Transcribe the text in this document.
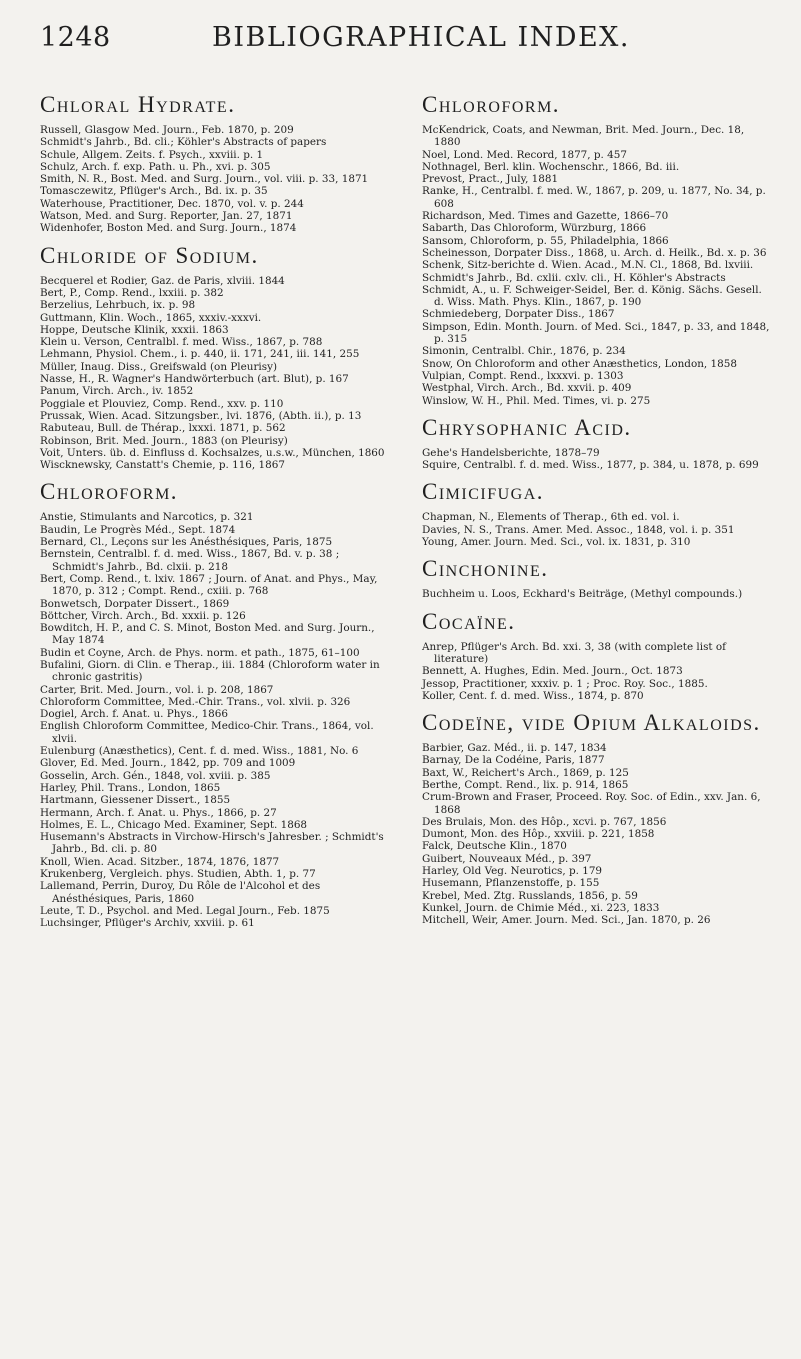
1248	BIBLIOGRAPHICAL INDEX.
Chloral Hydrate.
Russell, Glasgow Med. Journ., Feb. 1870, p. 209
Schmidt's Jahrb., Bd. cli.; Köhler's Abstracts of papers
Schule, Allgem. Zeits. f. Psych., xxviii. p. 1
Schulz, Arch. f. exp. Path. u. Ph., xvi. p. 305
Smith, N. R., Bost. Med. and Surg. Journ., vol. viii. p. 33, 1871
Tomasczewitz, Pflüger's Arch., Bd. ix. p. 35
Waterhouse, Practitioner, Dec. 1870, vol. v. p. 244
Watson, Med. and Surg. Reporter, Jan. 27, 1871
Widenhofer, Boston Med. and Surg. Journ., 1874
Chloride of Sodium.
Becquerel et Rodier, Gaz. de Paris, xlviii. 1844
Bert, P., Comp. Rend., lxxiii. p. 382
Berzelius, Lehrbuch, ix. p. 98
Guttmann, Klin. Woch., 1865, xxxiv.-xxxvi.
Hoppe, Deutsche Klinik, xxxii. 1863
Klein u. Verson, Centralbl. f. med. Wiss., 1867, p. 788
Lehmann, Physiol. Chem., i. p. 440, ii. 171, 241, iii. 141, 255
Müller, Inaug. Diss., Greifswald (on Pleurisy)
Nasse, H., R. Wagner's Handwörterbuch (art. Blut), p. 167
Panum, Virch. Arch., iv. 1852
Poggiale et Plouviez, Comp. Rend., xxv. p. 110
Prussak, Wien. Acad. Sitzungsber., lvi. 1876, (Abth. ii.), p. 13
Rabuteau, Bull. de Thérap., lxxxi. 1871, p. 562
Robinson, Brit. Med. Journ., 1883 (on Pleurisy)
Voit, Unters. üb. d. Einfluss d. Kochsalzes, u.s.w., München, 1860
Wiscknewsky, Canstatt's Chemie, p. 116, 1867
Chloroform.
Anstie, Stimulants and Narcotics, p. 321
Baudin, Le Progrès Méd., Sept. 1874
Bernard, Cl., Leçons sur les Anésthésiques, Paris, 1875
Bernstein, Centralbl. f. d. med. Wiss., 1867, Bd. v. p. 38 ; Schmidt's Jahrb., Bd. clxii. p. 218
Bert, Comp. Rend., t. lxiv. 1867 ; Journ. of Anat. and Phys., May, 1870, p. 312 ; Compt. Rend., cxiii. p. 768
Bonwetsch, Dorpater Dissert., 1869
Böttcher, Virch. Arch., Bd. xxxii. p. 126
Bowditch, H. P., and C. S. Minot, Boston Med. and Surg. Journ., May 1874
Budin et Coyne, Arch. de Phys. norm. et path., 1875, 61–100
Bufalini, Giorn. di Clin. e Therap., iii. 1884 (Chloroform water in chronic gastritis)
Carter, Brit. Med. Journ., vol. i. p. 208, 1867
Chloroform Committee, Med.-Chir. Trans., vol. xlvii. p. 326
Dogiel, Arch. f. Anat. u. Phys., 1866
English Chloroform Committee, Medico-Chir. Trans., 1864, vol. xlvii.
Eulenburg (Anæsthetics), Cent. f. d. med. Wiss., 1881, No. 6
Glover, Ed. Med. Journ., 1842, pp. 709 and 1009
Gosselin, Arch. Gén., 1848, vol. xviii. p. 385
Harley, Phil. Trans., London, 1865
Hartmann, Giessener Dissert., 1855
Hermann, Arch. f. Anat. u. Phys., 1866, p. 27
Holmes, E. L., Chicago Med. Examiner, Sept. 1868
Husemann's Abstracts in Virchow-Hirsch's Jahresber. ; Schmidt's Jahrb., Bd. cli. p. 80
Knoll, Wien. Acad. Sitzber., 1874, 1876, 1877
Krukenberg, Vergleich. phys. Studien, Abth. 1, p. 77
Lallemand, Perrin, Duroy, Du Rôle de l'Alcohol et des Anésthésiques, Paris, 1860
Leute, T. D., Psychol. and Med. Legal Journ., Feb. 1875
Luchsinger, Pflüger's Archiv, xxviii. p. 61
Chloroform.
McKendrick, Coats, and Newman, Brit. Med. Journ., Dec. 18, 1880
Noel, Lond. Med. Record, 1877, p. 457
Nothnagel, Berl. klin. Wochenschr., 1866, Bd. iii.
Prevost, Pract., July, 1881
Ranke, H., Centralbl. f. med. W., 1867, p. 209, u. 1877, No. 34, p. 608
Richardson, Med. Times and Gazette, 1866–70
Sabarth, Das Chloroform, Würzburg, 1866
Sansom, Chloroform, p. 55, Philadelphia, 1866
Scheinesson, Dorpater Diss., 1868, u. Arch. d. Heilk., Bd. x. p. 36
Schenk, Sitz-berichte d. Wien. Acad., M.N. Cl., 1868, Bd. lxviii.
Schmidt's Jahrb., Bd. cxlii. cxlv. cli., H. Köhler's Abstracts
Schmidt, A., u. F. Schweiger-Seidel, Ber. d. König. Sächs. Gesell. d. Wiss. Math. Phys. Klin., 1867, p. 190
Schmiedeberg, Dorpater Diss., 1867
Simpson, Edin. Month. Journ. of Med. Sci., 1847, p. 33, and 1848, p. 315
Simonin, Centralbl. Chir., 1876, p. 234
Snow, On Chloroform and other Anæsthetics, London, 1858
Vulpian, Compt. Rend., lxxxvi. p. 1303
Westphal, Virch. Arch., Bd. xxvii. p. 409
Winslow, W. H., Phil. Med. Times, vi. p. 275
Chrysophanic Acid.
Gehe's Handelsberichte, 1878–79
Squire, Centralbl. f. d. med. Wiss., 1877, p. 384, u. 1878, p. 699
Cimicifuga.
Chapman, N., Elements of Therap., 6th ed. vol. i.
Davies, N. S., Trans. Amer. Med. Assoc., 1848, vol. i. p. 351
Young, Amer. Journ. Med. Sci., vol. ix. 1831, p. 310
Cinchonine.
Buchheim u. Loos, Eckhard's Beiträge, (Methyl compounds.)
Cocaïne.
Anrep, Pflüger's Arch. Bd. xxi. 3, 38 (with complete list of literature)
Bennett, A. Hughes, Edin. Med. Journ., Oct. 1873
Jessop, Practitioner, xxxiv. p. 1 ; Proc. Roy. Soc., 1885.
Koller, Cent. f. d. med. Wiss., 1874, p. 870
Codeïne, vide Opium Alkaloids.
Barbier, Gaz. Méd., ii. p. 147, 1834
Barnay, De la Codéine, Paris, 1877
Baxt, W., Reichert's Arch., 1869, p. 125
Berthe, Compt. Rend., lix. p. 914, 1865
Crum-Brown and Fraser, Proceed. Roy. Soc. of Edin., xxv. Jan. 6, 1868
Des Brulais, Mon. des Hôp., xcvi. p. 767, 1856
Dumont, Mon. des Hôp., xxviii. p. 221, 1858
Falck, Deutsche Klin., 1870
Guibert, Nouveaux Méd., p. 397
Harley, Old Veg. Neurotics, p. 179
Husemann, Pflanzenstoffe, p. 155
Krebel, Med. Ztg. Russlands, 1856, p. 59
Kunkel, Journ. de Chimie Méd., xi. 223, 1833
Mitchell, Weir, Amer. Journ. Med. Sci., Jan. 1870, p. 26
